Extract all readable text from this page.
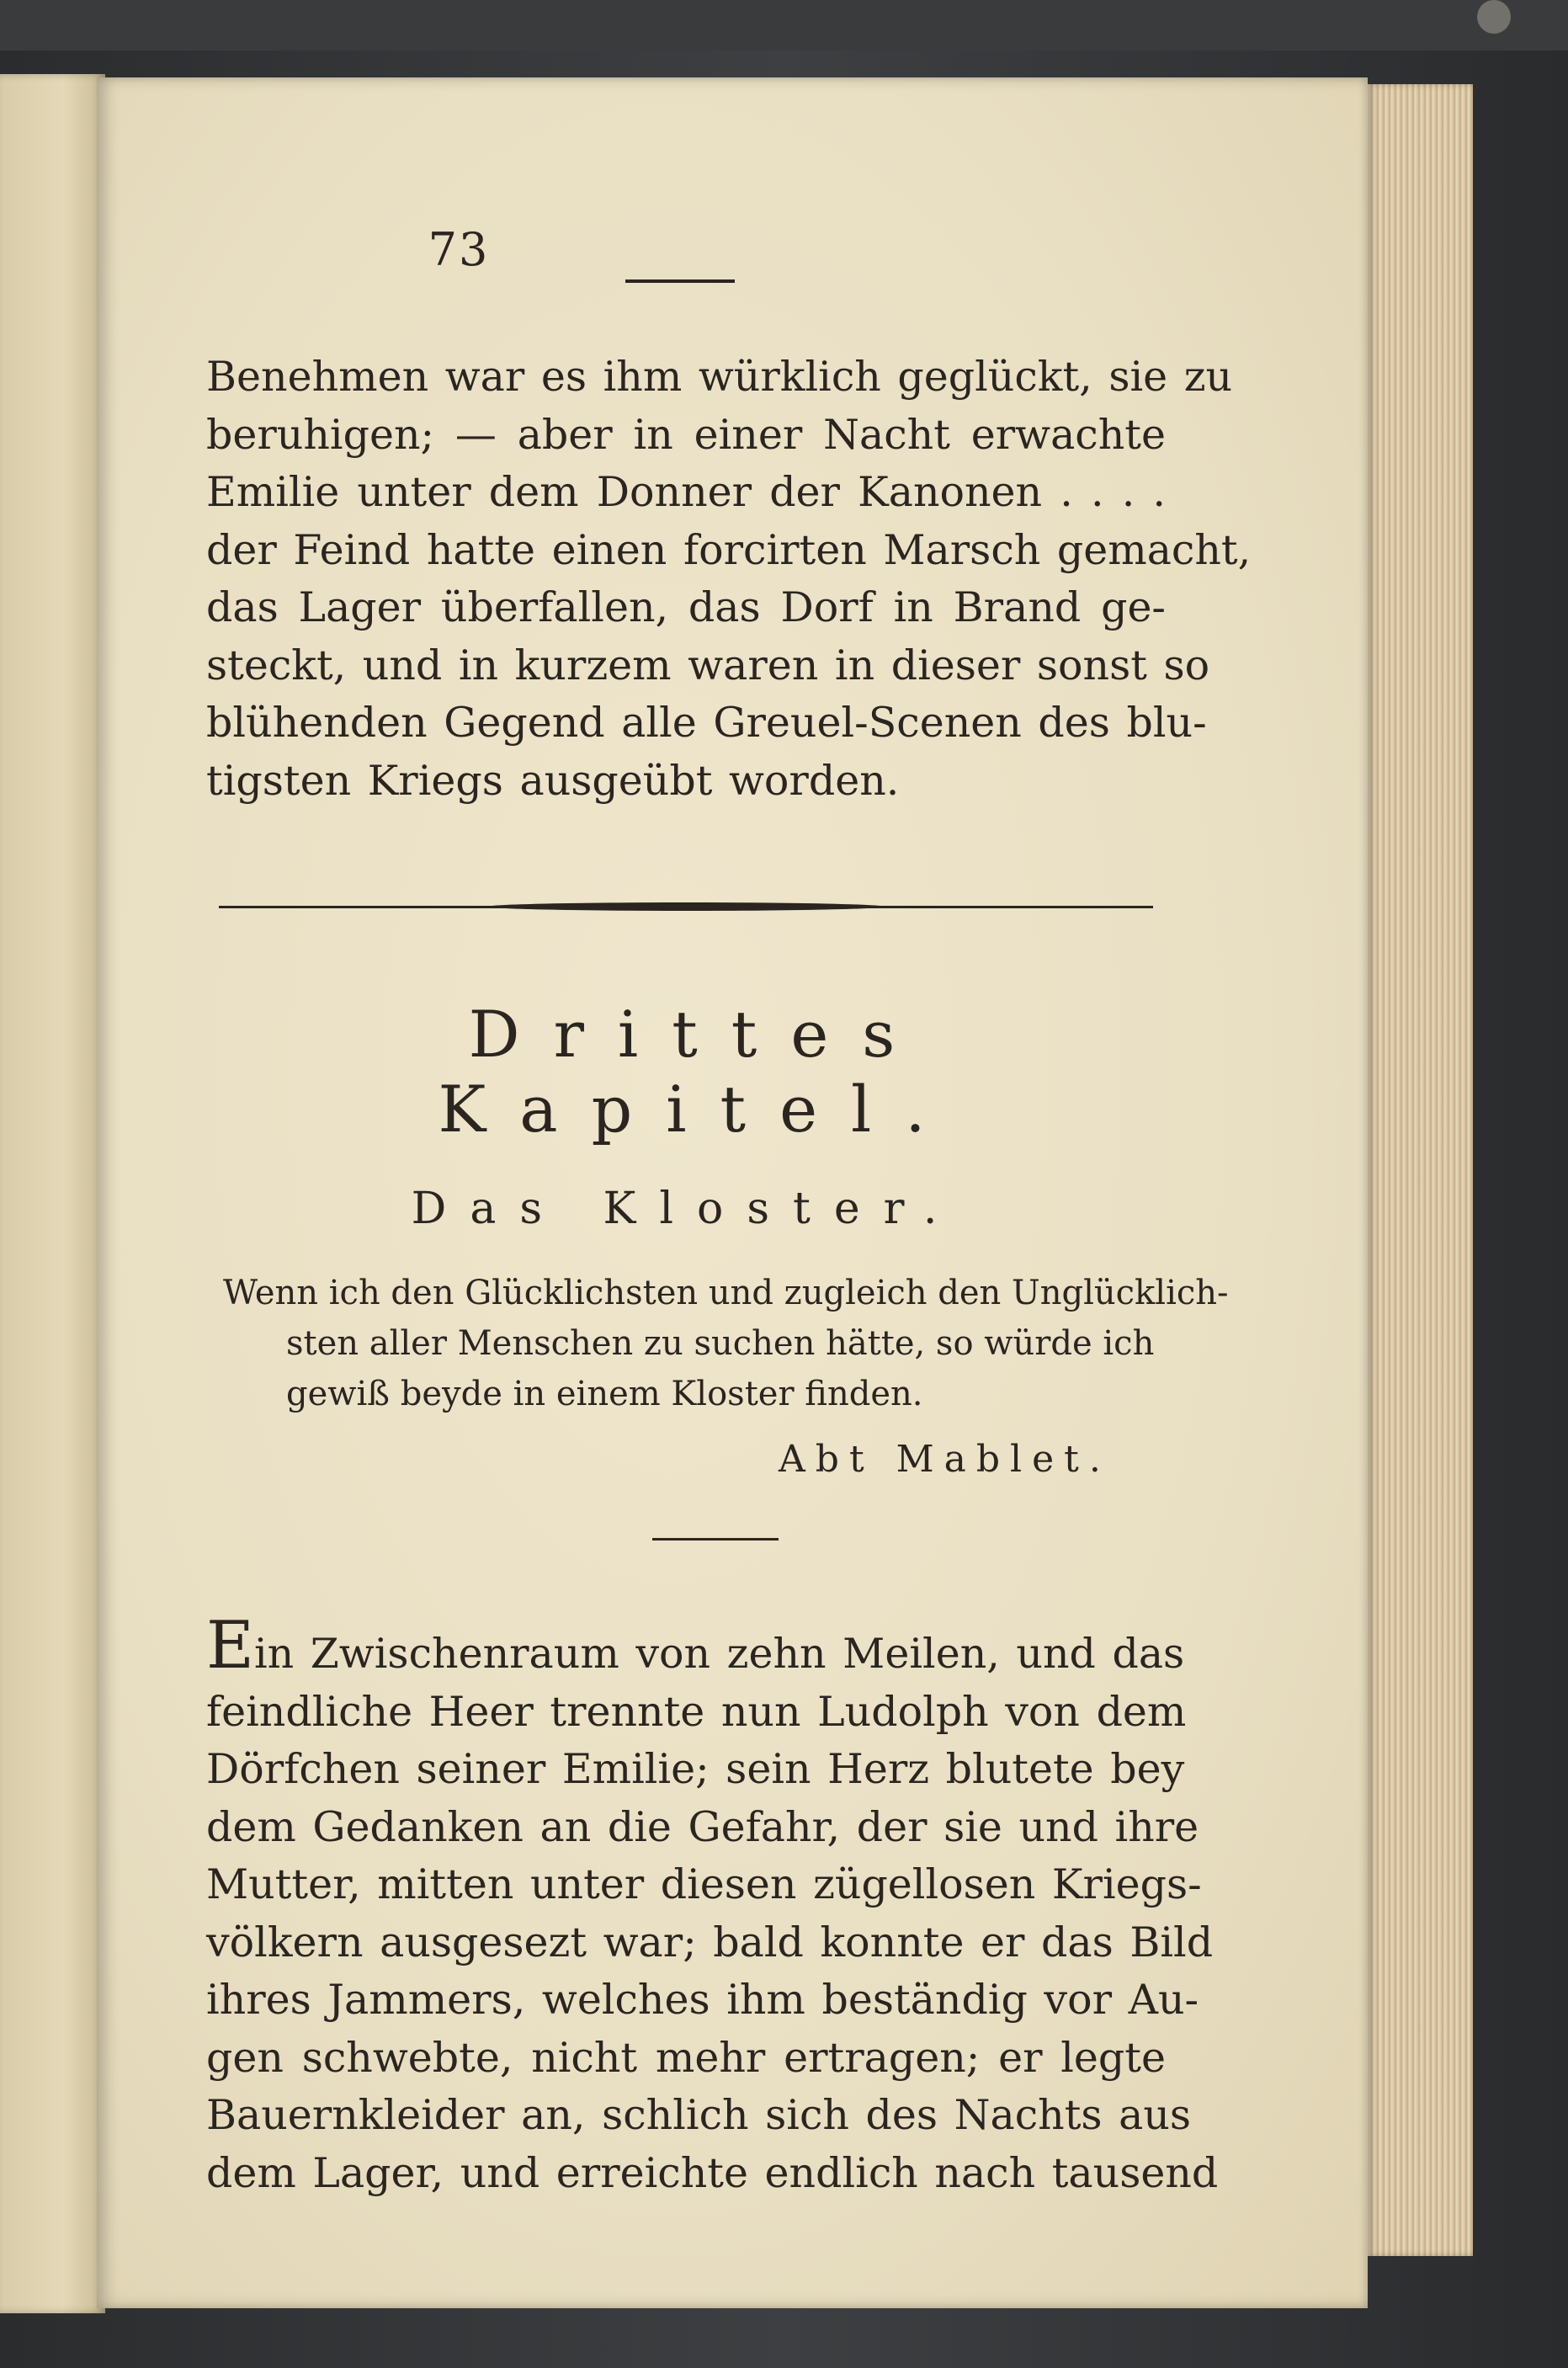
73
Benehmen war es ihm würklich geglückt, sie zu
beruhigen; — aber in einer Nacht erwachte
Emilie unter dem Donner der Kanonen . . . .
der Feind hatte einen forcirten Marsch gemacht,
das Lager überfallen, das Dorf in Brand ge-
steckt, und in kurzem waren in dieser sonst so
blühenden Gegend alle Greuel-Scenen des blu-
tigsten Kriegs ausgeübt worden.
Drittes Kapitel.
Das Kloster.
Wenn ich den Glücklichsten und zugleich den Unglücklich-
sten aller Menschen zu suchen hätte, so würde ich
gewiß beyde in einem Kloster finden.
Abt Mablet.
Ein Zwischenraum von zehn Meilen, und das
feindliche Heer trennte nun Ludolph von dem
Dörfchen seiner Emilie; sein Herz blutete bey
dem Gedanken an die Gefahr, der sie und ihre
Mutter, mitten unter diesen zügellosen Kriegs-
völkern ausgesezt war; bald konnte er das Bild
ihres Jammers, welches ihm beständig vor Au-
gen schwebte, nicht mehr ertragen; er legte
Bauernkleider an, schlich sich des Nachts aus
dem Lager, und erreichte endlich nach tausend
